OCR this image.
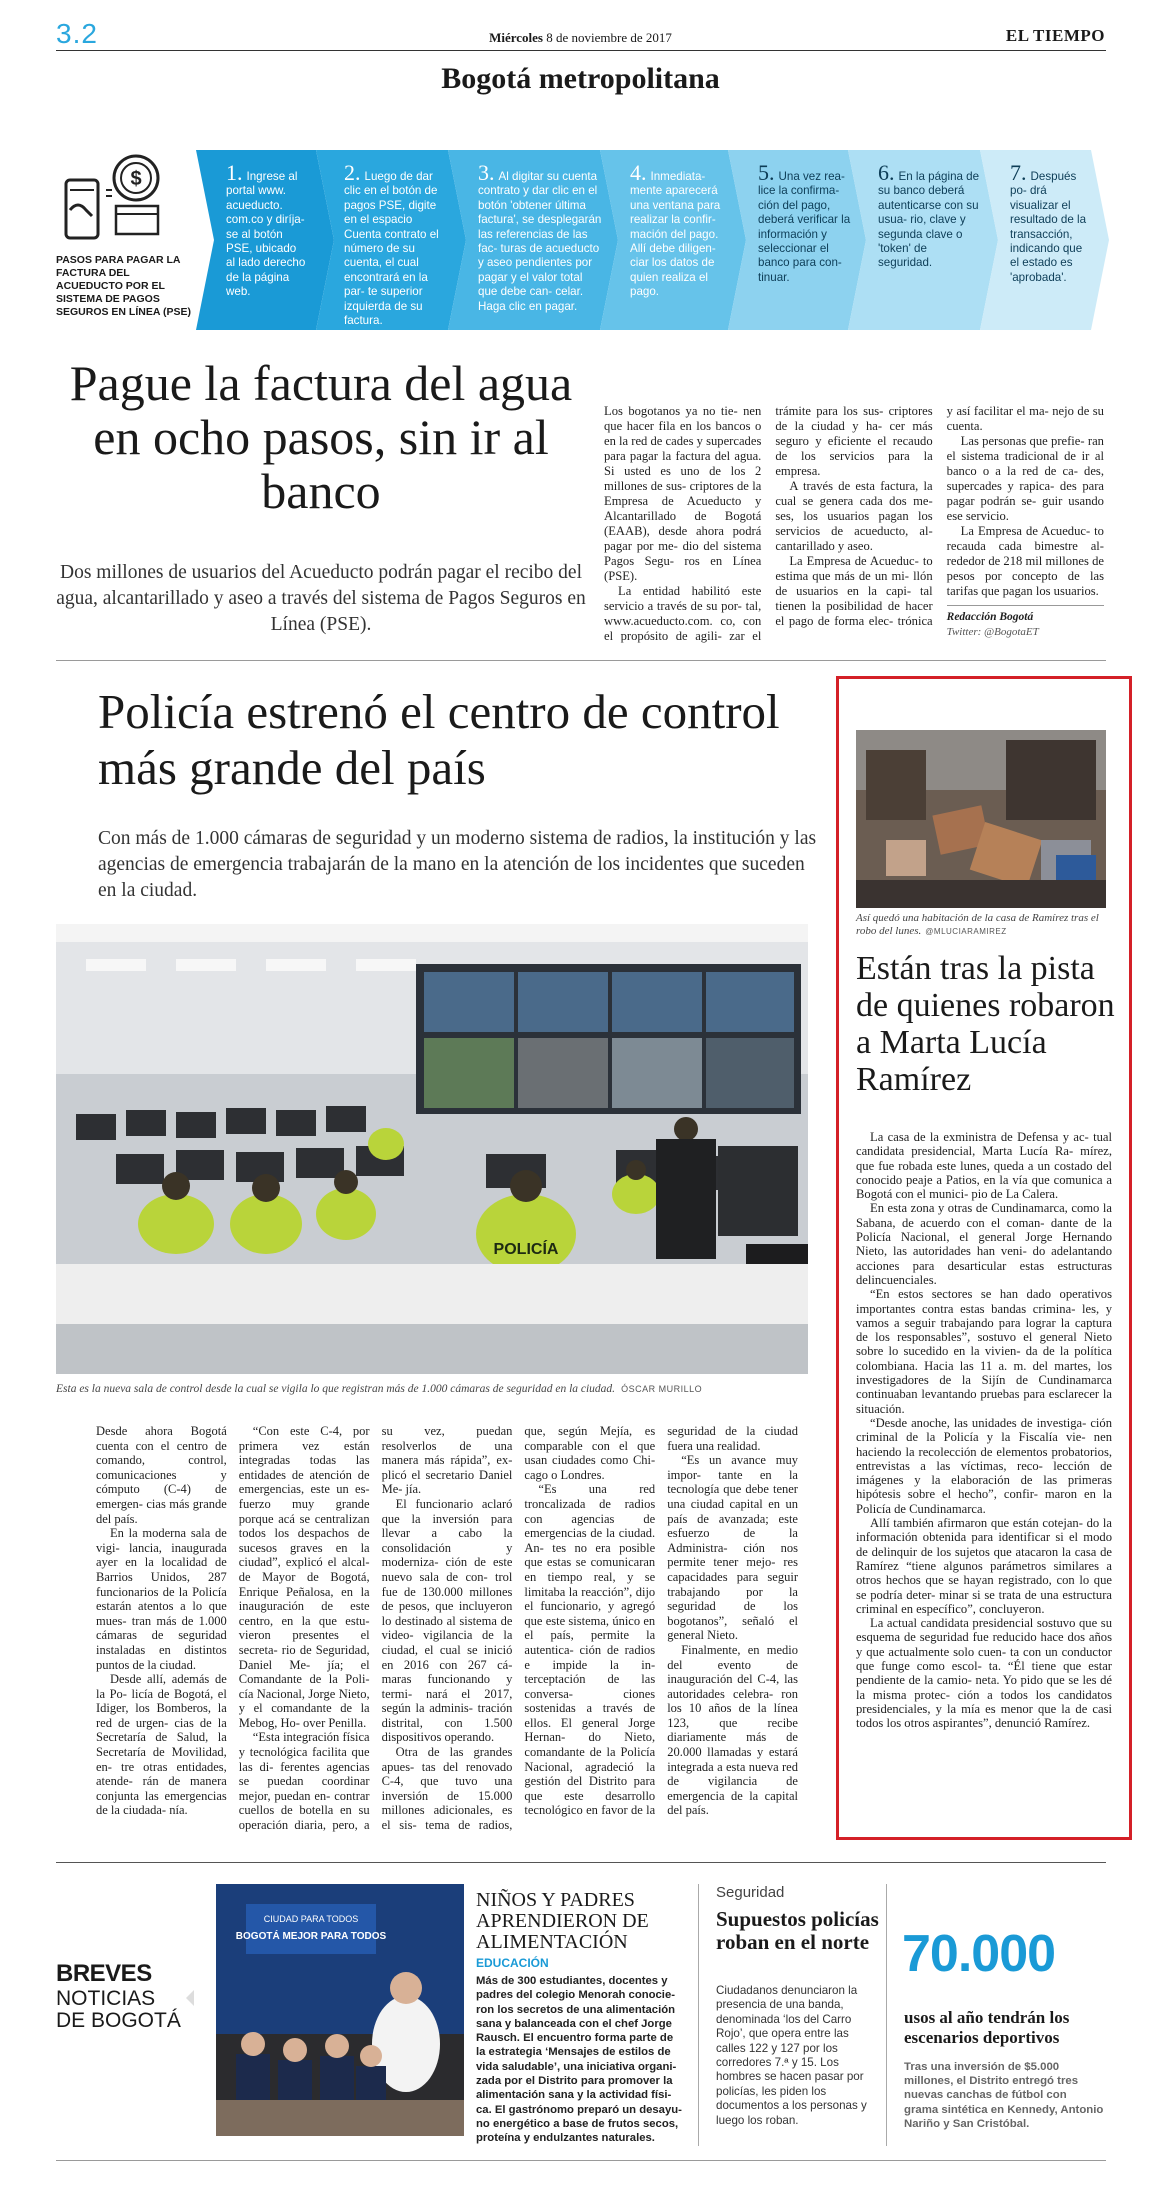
3.2	Miércoles 8 de noviembre de 2017	EL TIEMPO
Bogotá metropolitana
$
PASOS PARA PAGAR LA FACTURA DEL ACUEDUCTO POR EL SISTEMA DE PAGOS SEGUROS EN LÍNEA (PSE)
1. Ingrese al portal www. acueducto. com.co y diríja- se al botón PSE, ubicado al lado derecho de la página web.
2. Luego de dar clic en el botón de pagos PSE, digite en el espacio Cuenta contrato el número de su cuenta, el cual encontrará en la par- te superior izquierda de su factura.
3. Al digitar su cuenta contrato y dar clic en el botón 'obtener última factura', se desplegarán las referencias de las fac- turas de acueducto y aseo pendientes por pagar y el valor total que debe can- celar. Haga clic en pagar.
4. Inmediata- mente aparecerá una ventana para realizar la confir- mación del pago. Allí debe diligen- ciar los datos de quien realiza el pago.
5. Una vez rea- lice la confirma- ción del pago, deberá verificar la información y seleccionar el banco para con- tinuar.
6. En la página de su banco deberá autenticarse con su usua- rio, clave y segunda clave o 'token' de seguridad.
7. Después po- drá visualizar el resultado de la transacción, indicando que el estado es 'aprobada'.
Pague la factura del agua en ocho pasos, sin ir al banco
Dos millones de usuarios del Acueducto podrán pagar el recibo del agua, alcantarillado y aseo a través del sistema de Pagos Seguros en Línea (PSE).

Los bogotanos ya no tie- nen que hacer fila en los bancos o en la red de cades y supercades para pagar la factura del agua. Si usted es uno de los 2 millones de sus- criptores de la Empresa de Acueducto y Alcantarillado de Bogotá (EAAB), desde ahora podrá pagar por me- dio del sistema Pagos Segu- ros en Línea (PSE).

La entidad habilitó este servicio a través de su por- tal, www.acueducto.com. co, con el propósito de agili- zar el trámite para los sus- criptores de la ciudad y ha- cer más seguro y eficiente el recaudo de los servicios para la empresa.

A través de esta factura, la cual se genera cada dos me- ses, los usuarios pagan los servicios de acueducto, al- cantarillado y aseo.

La Empresa de Acueduc- to estima que más de un mi- llón de usuarios en la capi- tal tienen la posibilidad de hacer el pago de forma elec- trónica y así facilitar el ma- nejo de su cuenta.

Las personas que prefie- ran el sistema tradicional de ir al banco o a la red de ca- des, supercades y rapica- des para pagar podrán se- guir usando ese servicio.

La Empresa de Acueduc- to recauda cada bimestre al- rededor de 218 mil millones de pesos por concepto de las tarifas que pagan los usuarios.

Redacción Bogotá
Twitter: @BogotaET
Policía estrenó el centro de control más grande del país
Con más de 1.000 cámaras de seguridad y un moderno sistema de radios, la institución y las agencias de emergencia trabajarán de la mano en la atención de los incidentes que suceden en la ciudad.
POLICÍA
Esta es la nueva sala de control desde la cual se vigila lo que registran más de 1.000 cámaras de seguridad en la ciudad. ÓSCAR MURILLO

Desde ahora Bogotá cuenta con el centro de comando, control, comunicaciones y cómputo (C-4) de emergen- cias más grande del país.

En la moderna sala de vigi- lancia, inaugurada ayer en la localidad de Barrios Unidos, 287 funcionarios de la Policía estarán atentos a lo que mues- tran más de 1.000 cámaras de seguridad instaladas en distintos puntos de la ciudad.

Desde allí, además de la Po- licía de Bogotá, el Idiger, los Bomberos, la red de urgen- cias de la Secretaría de Salud, la Secretaría de Movilidad, en- tre otras entidades, atende- rán de manera conjunta las emergencias de la ciudada- nía.

“Con este C-4, por primera vez están integradas todas las entidades de atención de emergencias, este un es- fuerzo muy grande porque acá se centralizan todos los despachos de sucesos graves en la ciudad”, explicó el alcal- de Mayor de Bogotá, Enrique Peñalosa, en la inauguración de este centro, en la que estu- vieron presentes el secreta- rio de Seguridad, Daniel Me- jía; el Comandante de la Poli- cía Nacional, Jorge Nieto, y el comandante de la Mebog, Ho- over Penilla.

“Esta integración física y tecnológica facilita que las di- ferentes agencias se puedan coordinar mejor, puedan en- contrar cuellos de botella en su operación diaria, pero, a su vez, puedan resolverlos de una manera más rápida”, ex- plicó el secretario Daniel Me- jía.

El funcionario aclaró que la inversión para llevar a cabo la consolidación y moderniza- ción de este nuevo sala de con- trol fue de 130.000 millones de pesos, que incluyeron lo destinado al sistema de video- vigilancia de la ciudad, el cual se inició en 2016 con 267 cá- maras funcionando y termi- nará el 2017, según la adminis- tración distrital, con 1.500 dispositivos operando.

Otra de las grandes apues- tas del renovado C-4, que tuvo una inversión de 15.000 millones adicionales, es el sis- tema de radios, que, según Mejía, es comparable con el que usan ciudades como Chi- cago o Londres.

“Es una red troncalizada de radios con agencias de emergencias de la ciudad. An- tes no era posible que estas se comunicaran en tiempo real, y se limitaba la reacción”, dijo el funcionario, y agregó que este sistema, único en el país, permite la autentica- ción de radios e impide la in- terceptación de las conversa- ciones sostenidas a través de ellos. El general Jorge Hernan- do Nieto, comandante de la Policía Nacional, agradeció la gestión del Distrito para que este desarrollo tecnológico en favor de la seguridad de la ciudad fuera una realidad.

“Es un avance muy impor- tante en la tecnología que debe tener una ciudad capital en un país de avanzada; este esfuerzo de la Administra- ción nos permite tener mejo- res capacidades para seguir trabajando por la seguridad de los bogotanos”, señaló el general Nieto.

Finalmente, en medio del evento de inauguración del C-4, las autoridades celebra- ron los 10 años de la línea 123, que recibe diariamente más de 20.000 llamadas y estará integrada a esta nueva red de vigilancia de emergencia de la capital del país.

Así quedó una habitación de la casa de Ramírez tras el robo del lunes. @MLUCIARAMIREZ
Están tras la pista de quienes robaron a Marta Lucía Ramírez

La casa de la exministra de Defensa y ac- tual candidata presidencial, Marta Lucía Ra- mírez, que fue robada este lunes, queda a un costado del conocido peaje a Patios, en la vía que comunica a Bogotá con el munici- pio de La Calera.

En esta zona y otras de Cundinamarca, como la Sabana, de acuerdo con el coman- dante de la Policía Nacional, el general Jorge Hernando Nieto, las autoridades han veni- do adelantando acciones para desarticular estas estructuras delincuenciales.

“En estos sectores se han dado operativos importantes contra estas bandas crimina- les, y vamos a seguir trabajando para lograr la captura de los responsables”, sostuvo el general Nieto sobre lo sucedido en la vivien- da de la política colombiana. Hacia las 11 a. m. del martes, los investigadores de la Sijín de Cundinamarca continuaban levantando pruebas para esclarecer la situación.

“Desde anoche, las unidades de investiga- ción criminal de la Policía y la Fiscalía vie- nen haciendo la recolección de elementos probatorios, entrevistas a las víctimas, reco- lección de imágenes y la elaboración de las primeras hipótesis sobre el hecho”, confir- maron en la Policía de Cundinamarca.

Allí también afirmaron que están cotejan- do la información obtenida para identificar si el modo de delinquir de los sujetos que atacaron la casa de Ramírez “tiene algunos parámetros similares a otros hechos que se hayan registrado, con lo que se podría deter- minar si se trata de una estructura criminal en específico”, concluyeron.

La actual candidata presidencial sostuvo que su esquema de seguridad fue reducido hace dos años y que actualmente solo cuen- ta con un conductor que funge como escol- ta. “Él tiene que estar pendiente de la camio- neta. Yo pido que se les dé la misma protec- ción a todos los candidatos presidenciales, y la mía es menor que la de casi todos los otros aspirantes”, denunció Ramírez.

BREVES
NOTICIAS DE BOGOTÁ
CIUDAD PARA TODOS
BOGOTÁ MEJOR PARA TODOS
NIÑOS Y PADRES APRENDIERON DE ALIMENTACIÓN
EDUCACIÓN
Más de 300 estudiantes, docentes y padres del colegio Menorah conocie- ron los secretos de una alimentación sana y balanceada con el chef Jorge Rausch. El encuentro forma parte de la estrategia ‘Mensajes de estilos de vida saludable’, una iniciativa organi- zada por el Distrito para promover la alimentación sana y la actividad físi- ca. El gastrónomo preparó un desayu- no energético a base de frutos secos, proteína y endulzantes naturales.
Seguridad
Supuestos policías roban en el norte
Ciudadanos denunciaron la presencia de una banda, denominada ‘los del Carro Rojo’, que opera entre las calles 122 y 127 por los corredores 7.ª y 15. Los hombres se hacen pasar por policías, les piden los documentos a los personas y luego los roban.
70.000
usos al año tendrán los escenarios deportivos
Tras una inversión de $5.000 millones, el Distrito entregó tres nuevas canchas de fútbol con grama sintética en Kennedy, Antonio Nariño y San Cristóbal.
